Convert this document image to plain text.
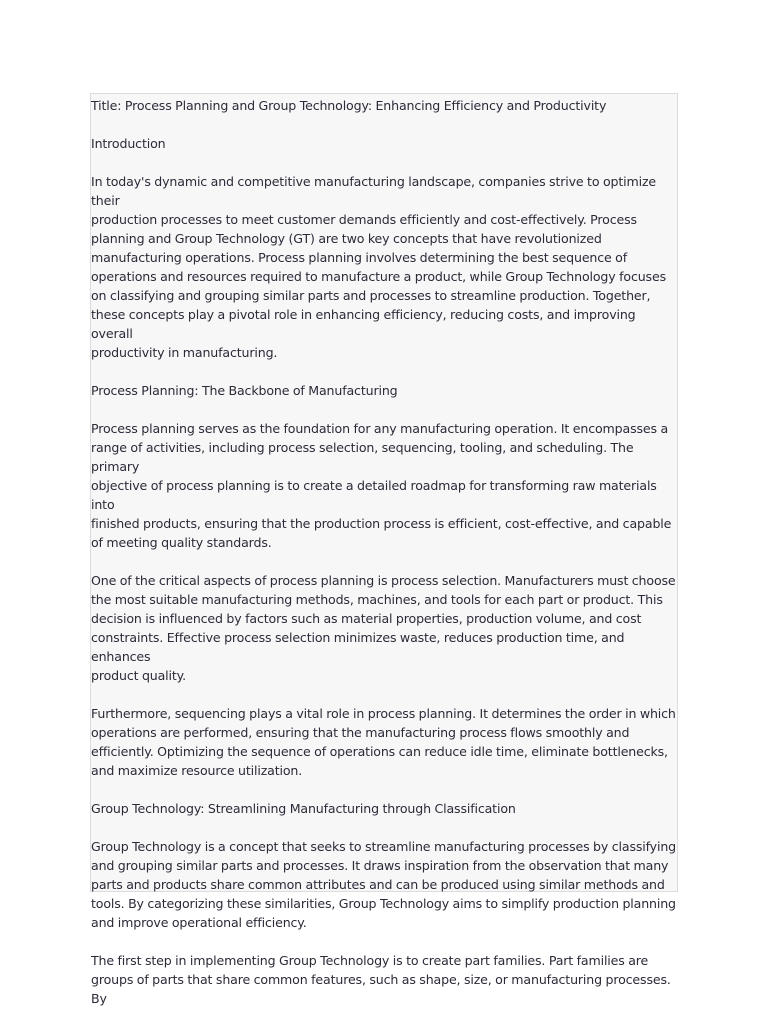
Title: Process Planning and Group Technology: Enhancing Efficiency and Productivity

Introduction

In today's dynamic and competitive manufacturing landscape, companies strive to optimize their
production processes to meet customer demands efficiently and cost-effectively. Process
planning and Group Technology (GT) are two key concepts that have revolutionized
manufacturing operations. Process planning involves determining the best sequence of
operations and resources required to manufacture a product, while Group Technology focuses
on classifying and grouping similar parts and processes to streamline production. Together,
these concepts play a pivotal role in enhancing efficiency, reducing costs, and improving overall
productivity in manufacturing.

Process Planning: The Backbone of Manufacturing

Process planning serves as the foundation for any manufacturing operation. It encompasses a
range of activities, including process selection, sequencing, tooling, and scheduling. The primary
objective of process planning is to create a detailed roadmap for transforming raw materials into
finished products, ensuring that the production process is efficient, cost-effective, and capable
of meeting quality standards.

One of the critical aspects of process planning is process selection. Manufacturers must choose
the most suitable manufacturing methods, machines, and tools for each part or product. This
decision is influenced by factors such as material properties, production volume, and cost
constraints. Effective process selection minimizes waste, reduces production time, and enhances
product quality.

Furthermore, sequencing plays a vital role in process planning. It determines the order in which
operations are performed, ensuring that the manufacturing process flows smoothly and
efficiently. Optimizing the sequence of operations can reduce idle time, eliminate bottlenecks,
and maximize resource utilization.

Group Technology: Streamlining Manufacturing through Classification

Group Technology is a concept that seeks to streamline manufacturing processes by classifying
and grouping similar parts and processes. It draws inspiration from the observation that many
parts and products share common attributes and can be produced using similar methods and
tools. By categorizing these similarities, Group Technology aims to simplify production planning
and improve operational efficiency.

The first step in implementing Group Technology is to create part families. Part families are
groups of parts that share common features, such as shape, size, or manufacturing processes. By
